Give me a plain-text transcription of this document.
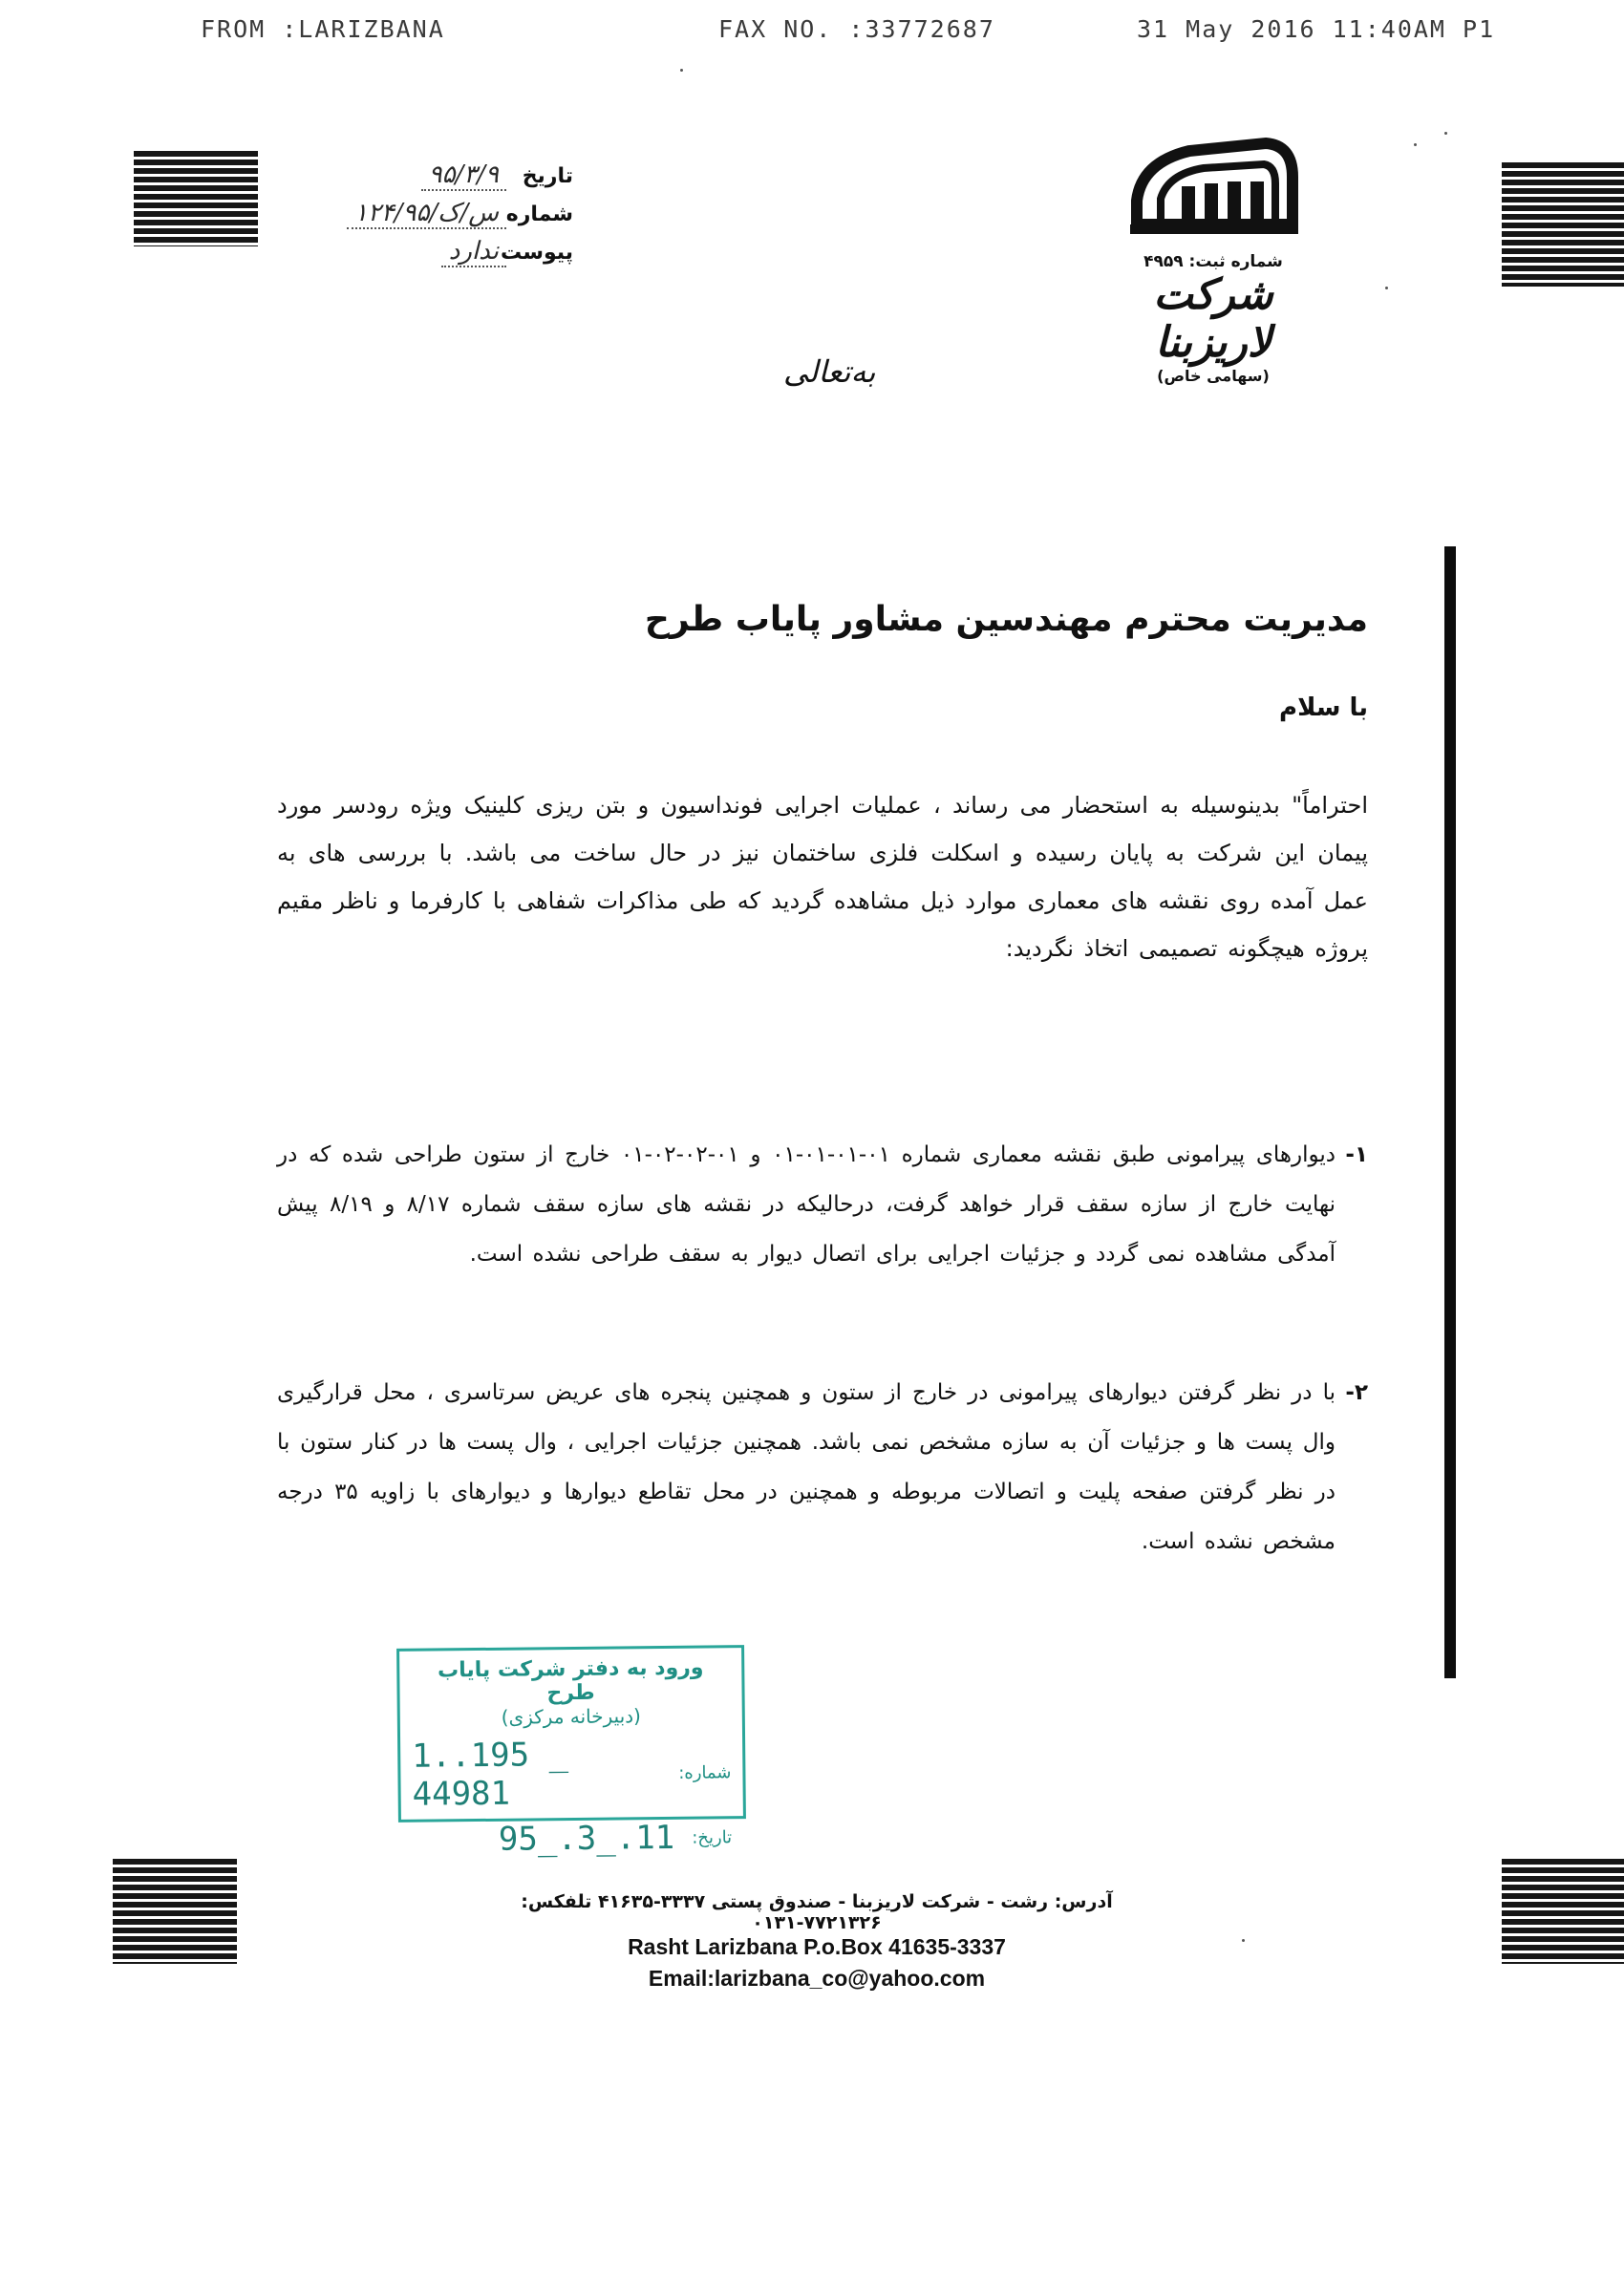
FROM :LARIZBANA	FAX NO. :33772687	31 May 2016 11:40AM P1
تاریخ
۹۵/۳/۹
شماره
۱۲۴/س/ک/۹۵
پیوست
ندارد	شماره ثبت: ۴۹۵۹
شرکت لاریزبنا
(سهامی خاص)
به‌تعالی
مدیریت محترم مهندسین مشاور پایاب طرح
با سلام
احتراماً" بدینوسیله به استحضار می رساند ، عملیات اجرایی فونداسیون و بتن ریزی کلینیک ویژه رودسر مورد پیمان این شرکت به پایان رسیده و اسکلت فلزی ساختمان نیز در حال ساخت می باشد. با بررسی های به عمل آمده روی نقشه های معماری موارد ذیل مشاهده گردید که طی مذاکرات شفاهی با کارفرما و ناظر مقیم پروژه هیچگونه تصمیمی اتخاذ نگردید:
۱-
دیوارهای پیرامونی طبق نقشه معماری شماره ۰۱-۰۱-۰۱-۰۱ و ۰۱-۰۲-۰۲-۰۱ خارج از ستون طراحی شده که در نهایت خارج از سازه سقف قرار خواهد گرفت، درحالیکه در نقشه های سازه سقف شماره ۸/۱۷ و ۸/۱۹ پیش آمدگی مشاهده نمی گردد و جزئیات اجرایی برای اتصال دیوار به سقف طراحی نشده است.
۲-
با در نظر گرفتن دیوارهای پیرامونی در خارج از ستون و همچنین پنجره های عریض سرتاسری ، محل قرارگیری وال پست ها و جزئیات آن به سازه مشخص نمی باشد. همچنین جزئیات اجرایی ، وال پست ها در کنار ستون با در نظر گرفتن صفحه پلیت و اتصالات مربوطه و همچنین در محل تقاطع دیوارها و دیوارهای با زاویه ۳۵ درجه مشخص نشده است.
ورود به دفتر شرکت پایاب طرح
(دبیرخانه مرکزی)
شماره:
1..195 _ 44981
تاریخ:
95_.3_.11
آدرس: رشت - شرکت لاریزبنا - صندوق پستی ۳۳۳۷-۴۱۶۳۵ تلفکس: ۷۷۲۱۳۲۶-۰۱۳۱
Rasht Larizbana P.o.Box 41635-3337
Email:larizbana_co@yahoo.com
